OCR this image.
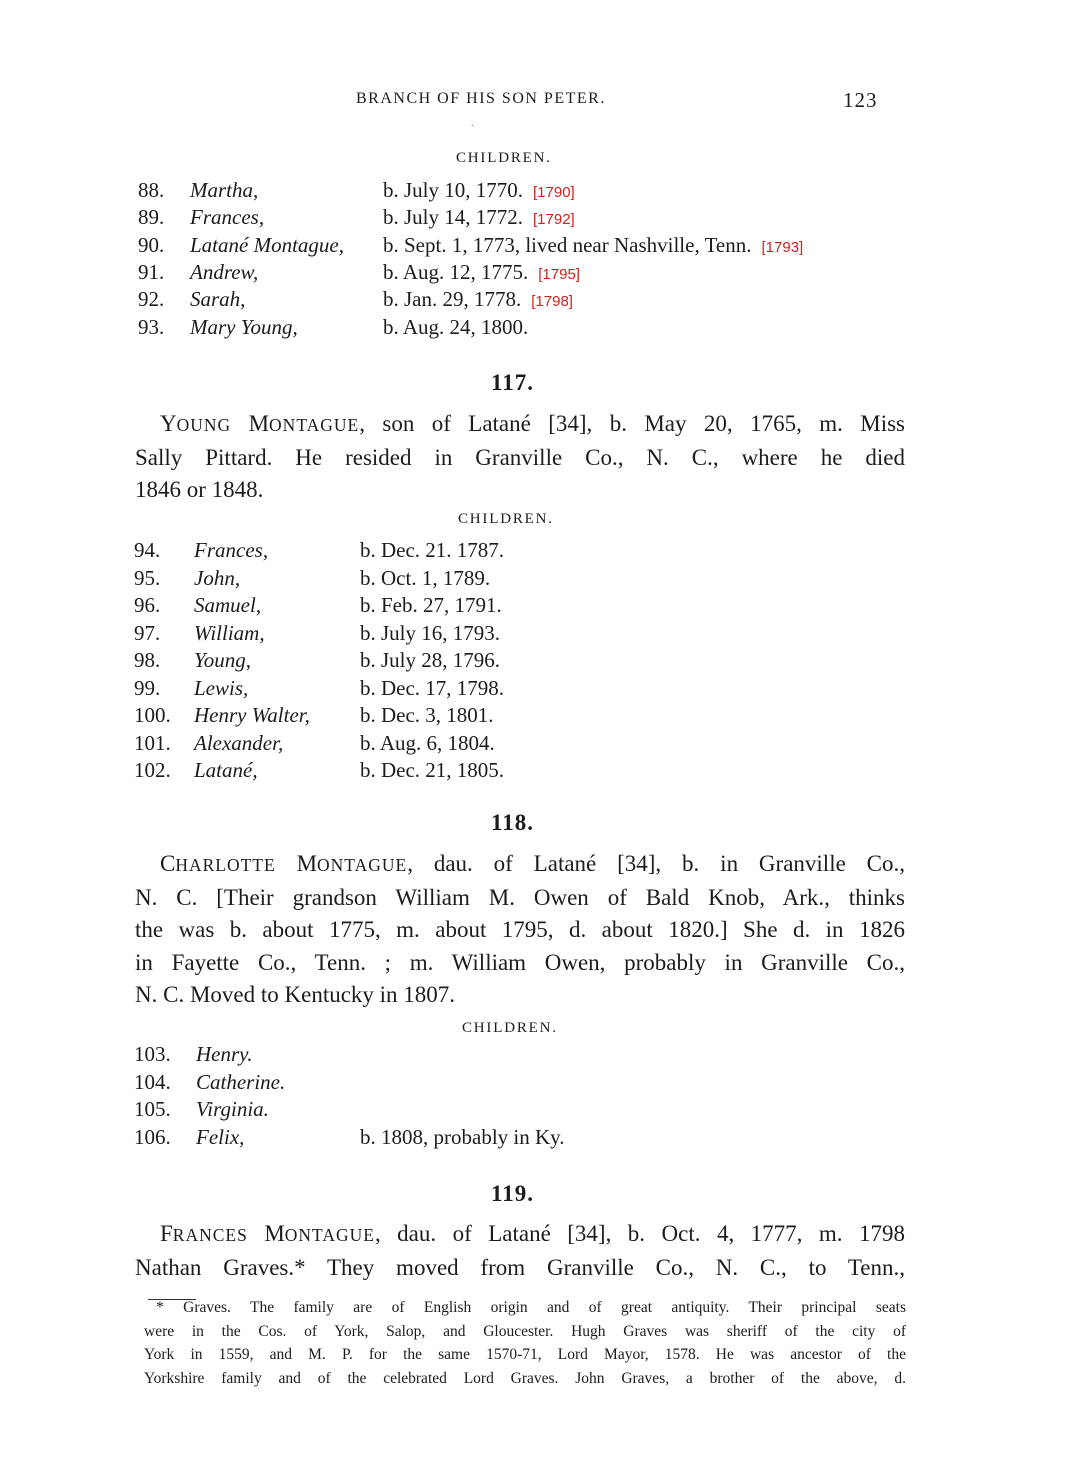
BRANCH OF HIS SON PETER.	123
.
CHILDREN.
88. Martha,	b. July 10, 1770. [1790]
89. Frances,	b. July 14, 1772. [1792]
90. Latané Montague, b. Sept. 1, 1773, lived near Nashville, Tenn. [1793]
91. Andrew,	b. Aug. 12, 1775. [1795]
92. Sarah,	b. Jan. 29, 1778. [1798]
93. Mary Young,	b. Aug. 24, 1800.
117.
YOUNG MONTAGUE, son of Latané [34], b. May 20, 1765, m. Miss
Sally Pittard. He resided in Granville Co., N. C., where he died
1846 or 1848.
CHILDREN.
94. Frances,	b. Dec. 21. 1787.
95. John,	b. Oct. 1, 1789.
96. Samuel,	b. Feb. 27, 1791.
97. William,	b. July 16, 1793.
98. Young,	b. July 28, 1796.
99. Lewis,	b. Dec. 17, 1798.
100. Henry Walter, b. Dec. 3, 1801.
101. Alexander,	b. Aug. 6, 1804.
102. Latané,	b. Dec. 21, 1805.
118.
CHARLOTTE MONTAGUE, dau. of Latané [34], b. in Granville Co.,
N. C. [Their grandson William M. Owen of Bald Knob, Ark., thinks
the was b. about 1775, m. about 1795, d. about 1820.] She d. in 1826
in Fayette Co., Tenn. ; m. William Owen, probably in Granville Co.,
N. C. Moved to Kentucky in 1807.
CHILDREN.
103. Henry.
104. Catherine.
105. Virginia.
106. Felix,	b. 1808, probably in Ky.
119.
FRANCES MONTAGUE, dau. of Latané [34], b. Oct. 4, 1777, m. 1798
Nathan Graves.* They moved from Granville Co., N. C., to Tenn.,
* Graves. The family are of English origin and of great antiquity. Their principal seats
were in the Cos. of York, Salop, and Gloucester. Hugh Graves was sheriff of the city of
York in 1559, and M. P. for the same 1570-71, Lord Mayor, 1578. He was ancestor of the
Yorkshire family and of the celebrated Lord Graves. John Graves, a brother of the above, d.
